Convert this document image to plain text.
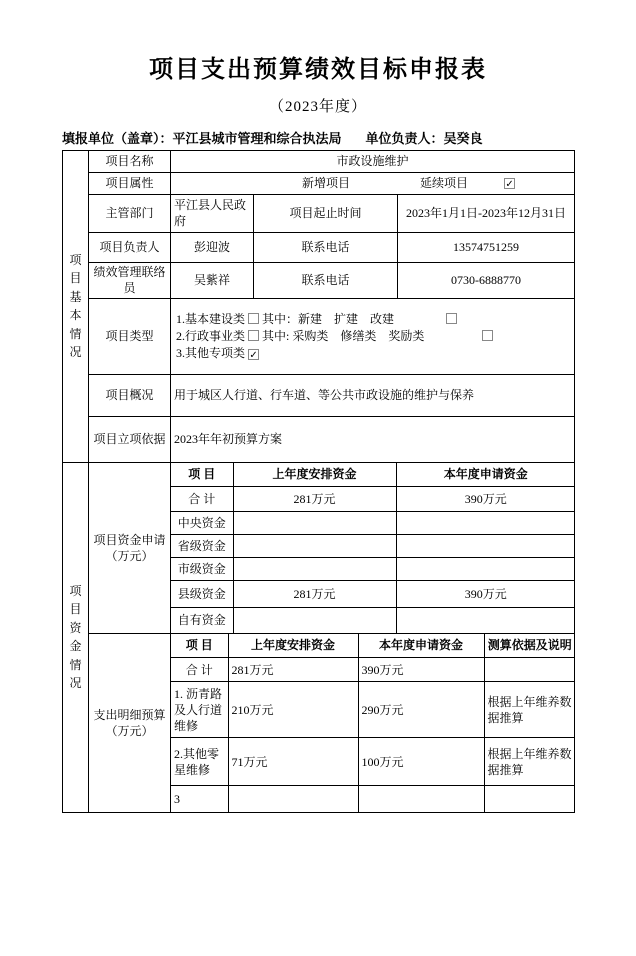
项目支出预算绩效目标申报表
（2023年度）
填报单位（盖章）：平江县城市管理和综合执法局 单位负责人：吴癸良
项目基本情况	项目名称	市政设施维护		
	项目属性	新增项目 延续项目 ✓		

	主管部门	平江县人民政府	项目起止时间	2023年1月1日-2023年12月31日
	项目负责人	彭迎波	联系电话	13574751259
	绩效管理联络员	吴紫祥	联系电话	0730-6888770
	项目类型	1.基本建设类 其中：新建　扩建　改建
2.行政事业类 其中: 采购类　修缮类　奖励类
3.其他专项类 ✓		

	项目概况	用于城区人行道、行车道、等公共市政设施的维护与保养		
	项目立项依据	2023年年初预算方案		
项目资金情况
	项目资金申请（万元）	
项 目	上年度安排资金	本年度申请资金
合 计	281万元	390万元
中央资金		
省级资金		
市级资金		
县级资金	281万元	390万元
自有资金		

支出明细预算（万元）	
项 目	上年度安排资金	本年度申请资金	测算依据及说明
合 计	281万元	390万元	
1. 沥青路及人行道维修	210万元	290万元	根据上年维养数据推算
2.其他零星维修	71万元	100万元	根据上年维养数据推算
3			
